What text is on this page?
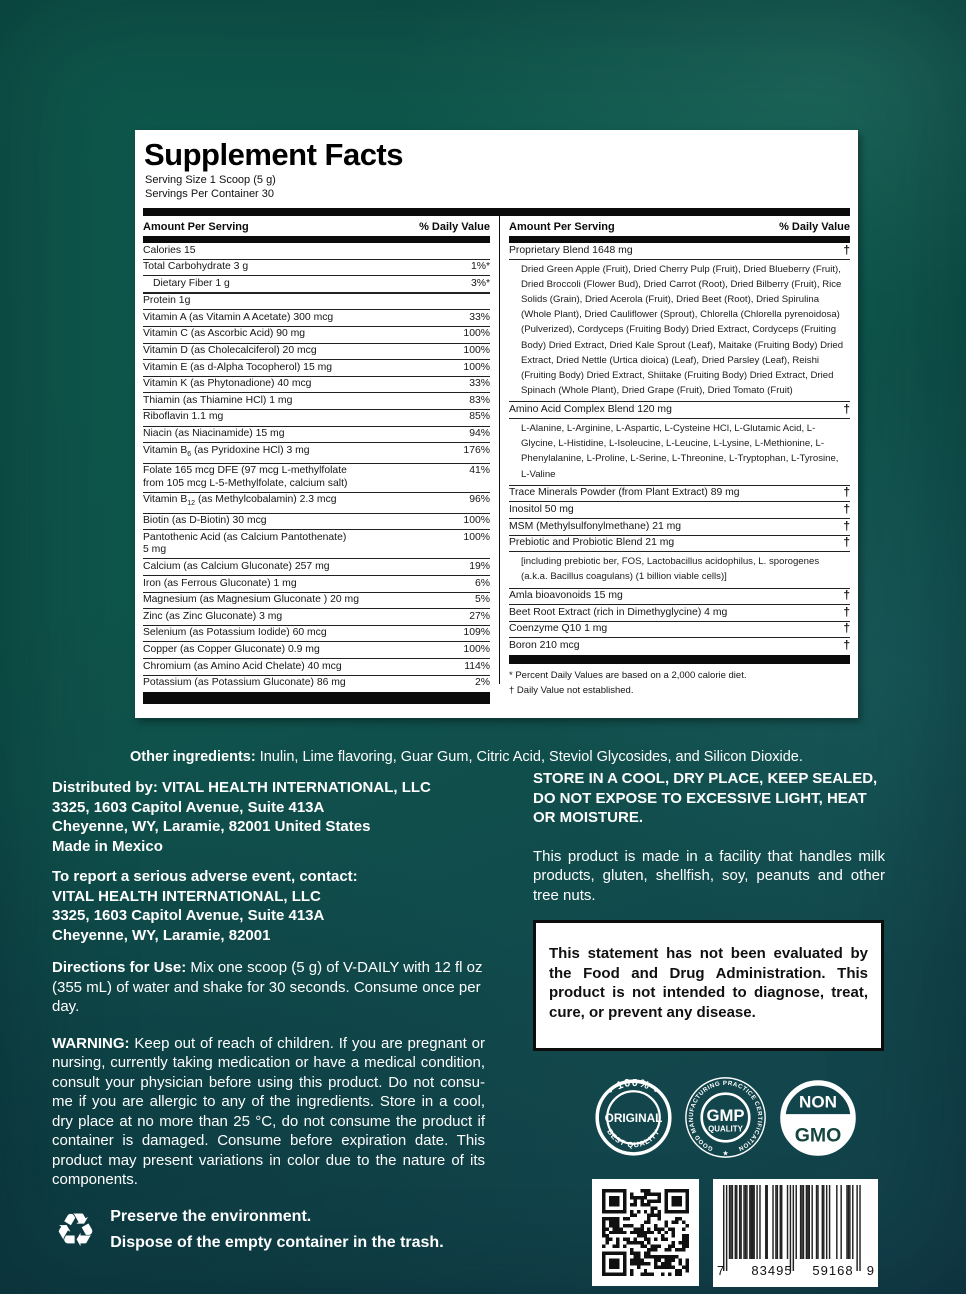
Supplement Facts
Serving Size 1 Scoop (5 g)
Servings Per Container 30
Amount Per Serving	% Daily Value
Calories 15
Total Carbohydrate 3 g	1%*
Dietary Fiber 1 g	3%*
Protein 1g
Vitamin A (as Vitamin A Acetate) 300 mcg	33%
Vitamin C (as Ascorbic Acid) 90 mg	100%
Vitamin D (as Cholecalciferol) 20 mcg	100%
Vitamin E (as d-Alpha Tocopherol) 15 mg	100%
Vitamin K (as Phytonadione) 40 mcg	33%
Thiamin (as Thiamine HCl) 1 mg	83%
Riboflavin 1.1 mg	85%
Niacin (as Niacinamide) 15 mg	94%
Vitamin $B_6$ (as Pyridoxine HCl) 3 mg	176%
Folate 165 mcg DFE (97 mcg L-methylfolate
from 105 mcg L-5-Methylfolate, calcium salt)
41%
Vitamin $B_{12}$ (as Methylcobalamin) 2.3 mcg	96%
Biotin (as D-Biotin) 30 mcg	100%
Pantothenic Acid (as Calcium Pantothenate)
5 mg
100%
Calcium (as Calcium Gluconate) 257 mg	19%
Iron (as Ferrous Gluconate) 1 mg	6%
Magnesium (as Magnesium Gluconate ) 20 mg	5%
Zinc (as Zinc Gluconate) 3 mg	27%
Selenium (as Potassium Iodide) 60 mcg	109%
Copper (as Copper Gluconate) 0.9 mg	100%
Chromium (as Amino Acid Chelate) 40 mcg	114%
Potassium (as Potassium Gluconate) 86 mg	2%
Amount Per Serving	% Daily Value
Proprietary Blend 1648 mg	†
Dried Green Apple (Fruit), Dried Cherry Pulp (Fruit), Dried Blueberry (Fruit), Dried Broccoli (Flower Bud), Dried Carrot (Root), Dried Bilberry (Fruit), Rice Solids (Grain), Dried Acerola (Fruit), Dried Beet (Root), Dried Spirulina (Whole Plant), Dried Cauliflower (Sprout), Chlorella (Chlorella pyrenoidosa) (Pulverized), Cordyceps (Fruiting Body) Dried Extract, Cordyceps (Fruiting Body) Dried Extract, Dried Kale Sprout (Leaf), Maitake (Fruiting Body) Dried Extract, Dried Nettle (Urtica dioica) (Leaf), Dried Parsley (Leaf), Reishi (Fruiting Body) Dried Extract, Shiitake (Fruiting Body) Dried Extract, Dried Spinach (Whole Plant), Dried Grape (Fruit), Dried Tomato (Fruit)
Amino Acid Complex Blend 120 mg	†
L-Alanine, L-Arginine, L-Aspartic, L-Cysteine HCl, L-Glutamic Acid, L-Glycine, L-Histidine, L-Isoleucine, L-Leucine, L-Lysine, L-Methionine, L-Phenylalanine, L-Proline, L-Serine, L-Threonine, L-Tryptophan, L-Tyrosine, L-Valine
Trace Minerals Powder (from Plant Extract) 89 mg	†
Inositol 50 mg	†
MSM (Methylsulfonylmethane) 21 mg	†
Prebiotic and Probiotic Blend 21 mg	†
[including prebiotic ber, FOS, Lactobacillus acidophilus, L. sporogenes (a.k.a. Bacillus coagulans) (1 billion viable cells)]
Amla bioavonoids 15 mg	†
Beet Root Extract (rich in Dimethyglycine) 4 mg	†
Coenzyme Q10 1 mg	†
Boron 210 mcg	†
* Percent Daily Values are based on a 2,000 calorie diet.
† Daily Value not established.

Other ingredients: Inulin, Lime flavoring, Guar Gum, Citric Acid, Steviol Glycosides, and Silicon Dioxide.

Distributed by: VITAL HEALTH INTERNATIONAL, LLC
3325, 1603 Capitol Avenue, Suite 413A
Cheyenne, WY, Laramie, 82001 United States
Made in Mexico
To report a serious adverse event, contact:
VITAL HEALTH INTERNATIONAL, LLC
3325, 1603 Capitol Avenue, Suite 413A
Cheyenne, WY, Laramie, 82001

Directions for Use: Mix one scoop (5 g) of V-DAILY with 12 fl oz (355 mL) of water and shake for 30 seconds. Consume once per day.

WARNING: Keep out of reach of children. If you are pregnant or nursing, currently taking medication or have a medical condition, consult your physician before using this product. Do not consu-me if you are allergic to any of the ingredients. Store in a cool, dry place at no more than 25 °C, do not consume the product if container is damaged. Consume before expiration date. This product may present variations in color due to the nature of its components.

STORE IN A COOL, DRY PLACE, KEEP SEALED, DO NOT EXPOSE TO EXCESSIVE LIGHT, HEAT OR MOISTURE.
This product is made in a facility that handles milk products, gluten, shellfish, soy, peanuts and other tree nuts.
This statement has not been evaluated by the Food and Drug Administration. This product is not intended to diagnose, treat, cure, or prevent any disease.
• 100% •
ORIGINAL
BEST QUALITY
GOOD MANUFACTURING PRACTICE CERTIFICATION
★
GMP
QUALITY
NON
GMO
7	83495	59168	9
♻ Preserve the environment.
Dispose of the empty container in the trash.
